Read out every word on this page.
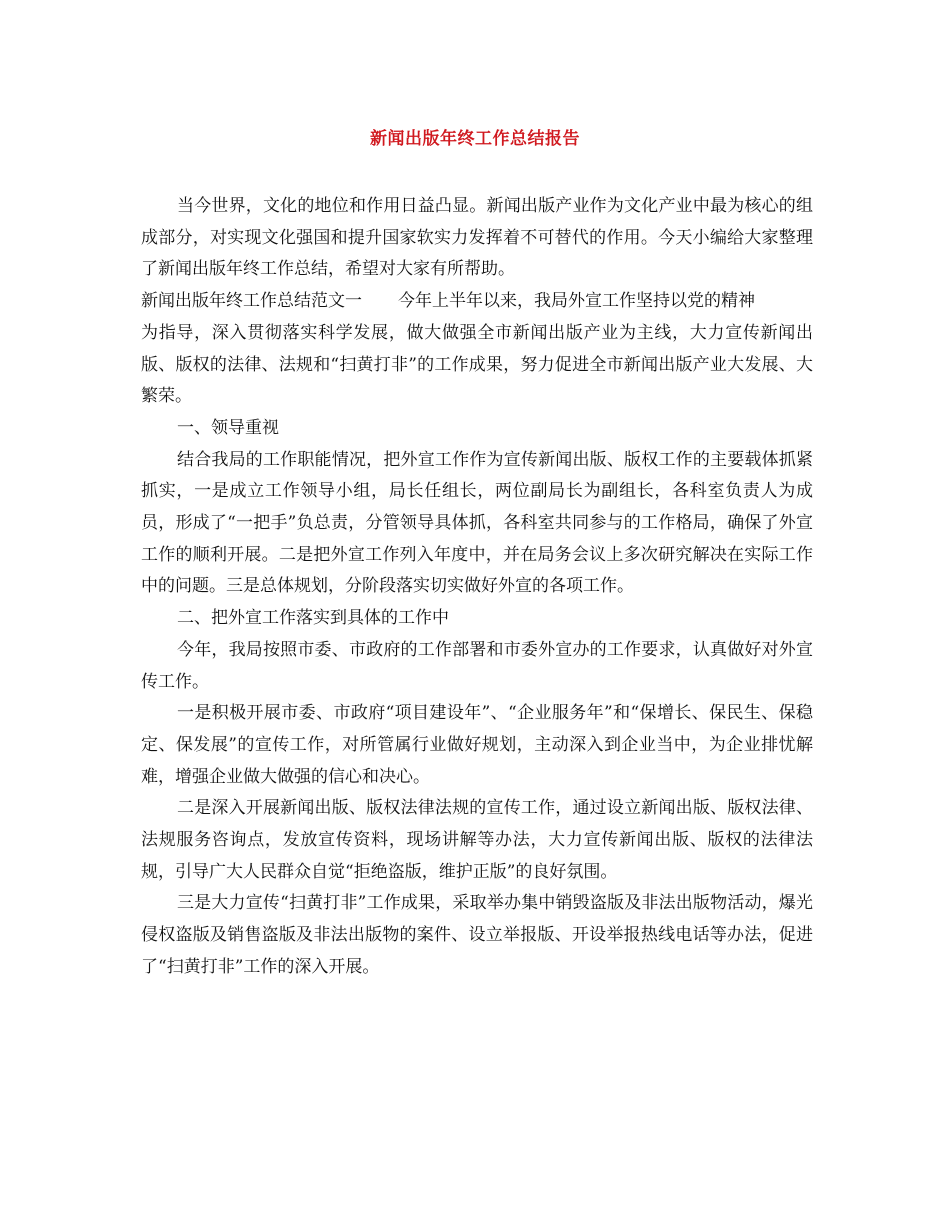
新闻出版年终工作总结报告

当今世界，文化的地位和作用日益凸显。新闻出版产业作为文化产业中最为核心的组成部分，对实现文化强国和提升国家软实力发挥着不可替代的作用。今天小编给大家整理了新闻出版年终工作总结，希望对大家有所帮助。

新闻出版年终工作总结范文一 今年上半年以来，我局外宣工作坚持以党的精神

为指导，深入贯彻落实科学发展，做大做强全市新闻出版产业为主线，大力宣传新闻出版、版权的法律、法规和“扫黄打非”的工作成果，努力促进全市新闻出版产业大发展、大繁荣。

一、领导重视

结合我局的工作职能情况，把外宣工作作为宣传新闻出版、版权工作的主要载体抓紧抓实，一是成立工作领导小组，局长任组长，两位副局长为副组长，各科室负责人为成员，形成了“一把手”负总责，分管领导具体抓，各科室共同参与的工作格局，确保了外宣工作的顺利开展。二是把外宣工作列入年度中，并在局务会议上多次研究解决在实际工作中的问题。三是总体规划，分阶段落实切实做好外宣的各项工作。

二、把外宣工作落实到具体的工作中

今年，我局按照市委、市政府的工作部署和市委外宣办的工作要求，认真做好对外宣传工作。

一是积极开展市委、市政府“项目建设年”、“企业服务年”和“保增长、保民生、保稳定、保发展”的宣传工作，对所管属行业做好规划，主动深入到企业当中，为企业排忧解难，增强企业做大做强的信心和决心。

二是深入开展新闻出版、版权法律法规的宣传工作，通过设立新闻出版、版权法律、法规服务咨询点，发放宣传资料，现场讲解等办法，大力宣传新闻出版、版权的法律法规，引导广大人民群众自觉“拒绝盗版，维护正版”的良好氛围。

三是大力宣传“扫黄打非”工作成果，采取举办集中销毁盗版及非法出版物活动，爆光侵权盗版及销售盗版及非法出版物的案件、设立举报版、开设举报热线电话等办法，促进了“扫黄打非”工作的深入开展。
